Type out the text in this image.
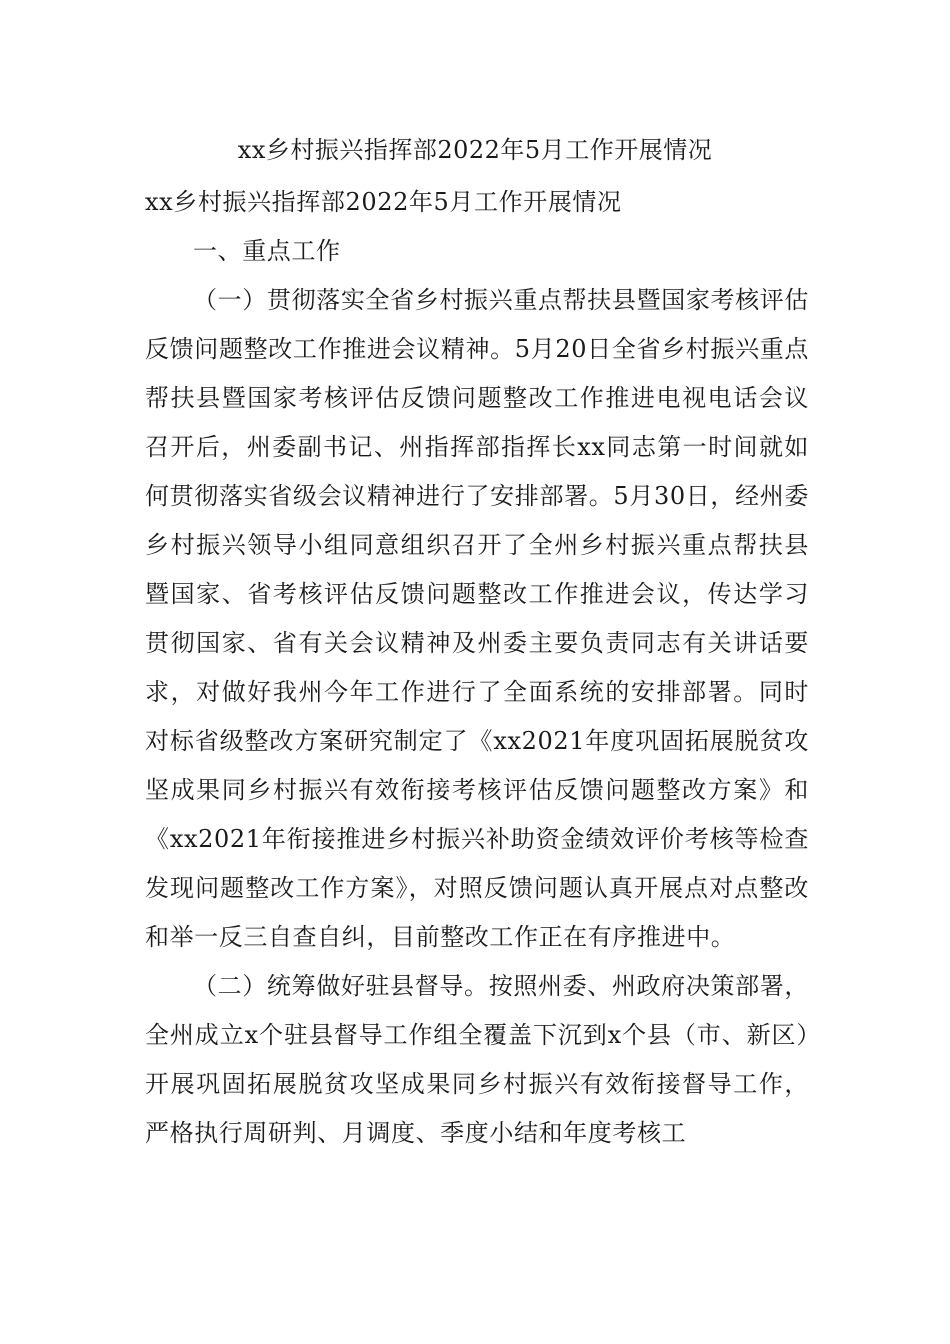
xx乡村振兴指挥部2022年5月工作开展情况

xx乡村振兴指挥部2022年5月工作开展情况

一、重点工作

（一）贯彻落实全省乡村振兴重点帮扶县暨国家考核评估反馈问题整改工作推进会议精神。5月20日全省乡村振兴重点帮扶县暨国家考核评估反馈问题整改工作推进电视电话会议召开后，州委副书记、州指挥部指挥长xx同志第一时间就如何贯彻落实省级会议精神进行了安排部署。5月30日，经州委乡村振兴领导小组同意组织召开了全州乡村振兴重点帮扶县暨国家、省考核评估反馈问题整改工作推进会议，传达学习贯彻国家、省有关会议精神及州委主要负责同志有关讲话要求，对做好我州今年工作进行了全面系统的安排部署。同时对标省级整改方案研究制定了《xx2021年度巩固拓展脱贫攻坚成果同乡村振兴有效衔接考核评估反馈问题整改方案》和《xx2021年衔接推进乡村振兴补助资金绩效评价考核等检查发现问题整改工作方案》，对照反馈问题认真开展点对点整改和举一反三自查自纠，目前整改工作正在有序推进中。

（二）统筹做好驻县督导。按照州委、州政府决策部署，全州成立x个驻县督导工作组全覆盖下沉到x个县（市、新区）开展巩固拓展脱贫攻坚成果同乡村振兴有效衔接督导工作，严格执行周研判、月调度、季度小结和年度考核工
